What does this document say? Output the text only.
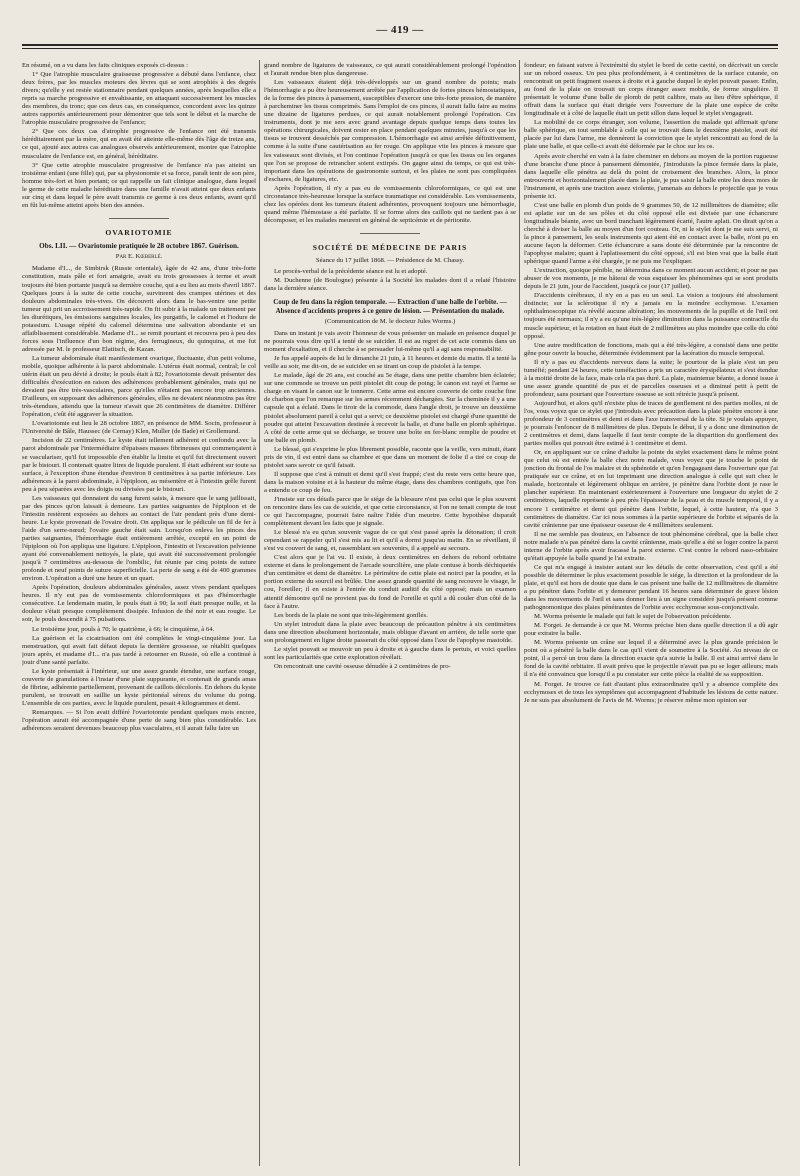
— 419 —

En résumé, on a vu dans les faits cliniques exposés ci-dessus :

1° Que l'atrophie musculaire graisseuse progressive a débuté dans l'enfance, chez deux frères, par les muscles moteurs des lèvres qui se sont atrophiés à des degrés divers; qu'elle y est restée stationnaire pendant quelques années, après lesquelles elle a repris sa marche progressive et envahissante, en attaquant successivement les muscles des membres, du tronc; que ces deux cas, en conséquence, concordent avec les quinze autres rapportés antérieurement pour démontrer que tels sont le début et la marche de l'atrophie musculaire progressive de l'enfance;

2° Que ces deux cas d'atrophie progressive de l'enfance ont été transmis héréditairement par la mère, qui en avait été atteinte elle-même dès l'âge de treize ans, ce qui, ajouté aux autres cas analogues observés antérieurement, montre que l'atrophie musculaire de l'enfance est, en général, héréditaire.

3° Que cette atrophie musculaire progressive de l'enfance n'a pas atteint un troisième enfant (une fille) qui, par sa physionomie et sa force, paraît tenir de son père, homme très-fort et bien portant; ce qui rappelle un fait clinique analogue, dans lequel le germe de cette maladie héréditaire dans une famille n'avait atteint que deux enfants sur cinq et dans lequel le père avait transmis ce germe à ces deux enfants, avant qu'il en fût lui-même atteint après bien des années.

OVARIOTOMIE
Obs. LII. — Ovariotomie pratiquée le 28 octobre 1867. Guérison.
Par E. Kœberlé.

Madame d'I..., de Simbirsk (Russie orientale), âgée de 42 ans, d'une très-forte constitution, mais pâle et fort amaigrie, avait eu trois grossesses à terme et avait toujours été bien portante jusqu'à sa dernière couche, qui a eu lieu au mois d'avril 1867. Quelques jours à la suite de cette couche, survinrent des crampes utérines et des douleurs abdominales très-vives. On découvrit alors dans le bas-ventre une petite tumeur qui prit un accroissement très-rapide. On fit subir à la malade un traitement par les diurétiques, les émissions sanguines locales, les purgatifs, le calomel et l'iodure de potassium. L'usage répété du calomel détermina une salivation abondante et un affaiblissement considérable. Madame d'I... se remit pourtant et recouvra peu à peu des forces sous l'influence d'un bon régime, des ferrugineux, du quinquina, et me fut adressée par M. le professeur Elatitsch, de Kazan.

La tumeur abdominale était manifestement ovarique, fluctuante, d'un petit volume, mobile, quoique adhérente à la paroi abdominale. L'utérus était normal, central; le col utérin était un peu dévié à droite; le pouls était à 82; l'ovariotomie devait présenter des difficultés d'exécution en raison des adhérences probablement générales, mais qui ne devaient pas être très-vasculaires, parce qu'elles n'étaient pas encore trop anciennes. D'ailleurs, en supposant des adhérences générales, elles ne devaient néanmoins pas être très-étendues, attendu que la tumeur n'avait que 26 centimètres de diamètre. Différer l'opération, c'eût été aggraver la situation.

L'ovariotomie eut lieu le 28 octobre 1867, en présence de MM. Socin, professeur à l'Université de Bâle, Haussec (de Cernay) Klen, Muller (de Bade) et Grollemund.

Incision de 22 centimètres. Le kyste était tellement adhérent et confondu avec la paroi abdominale par l'intermédiaire d'épaisses masses fibrineuses qui commençaient à se vasculariser, qu'il fut impossible d'en établir la limite et qu'il fut directement ouvert par le bistouri. Il contenait quatre litres de liquide purulent. Il était adhérent sur toute sa surface, à l'exception d'une étendue d'environ 8 centimètres à sa partie inférieure. Les adhérences à la paroi abdominale, à l'épiploon, au mésentère et à l'intestin grêle furent peu à peu séparées avec les doigts ou divisées par le bistouri.

Les vaisseaux qui donnaient du sang furent saisis, à mesure que le sang jaillissait, par des pinces qu'on laissait à demeure. Les parties saignantes de l'épiploon et de l'intestin restèrent exposées au dehors au contact de l'air pendant près d'une demi-heure. Le kyste provenait de l'ovaire droit. On appliqua sur le pédicule un fil de fer à l'aide d'un serre-nœud; l'ovaire gauche était sain. Lorsqu'on enleva les pinces des parties saignantes, l'hémorrhagie était entièrement arrêtée, excepté en un point de l'épiploon où l'on appliqua une ligature. L'épiploon, l'intestin et l'excavation pelvienne ayant été convenablement nettoyés, la plaie, qui avait été successivement prolongée jusqu'à 7 centimètres au-dessous de l'ombilic, fut réunie par cinq points de suture profonde et neuf points de suture superficielle. La perte de sang a été de 400 grammes environ. L'opération a duré une heure et un quart.

Après l'opération, douleurs abdominales générales, assez vives pendant quelques heures. Il n'y eut pas de vomissements chloroformiques et pas d'hémorrhagie consécutive. Le lendemain matin, le pouls était à 90; la soif était presque nulle, et la douleur s'était presque complètement dissipée. Infusion de thé noir et eau rougie. Le soir, le pouls descendit à 75 pulsations.

Le troisième jour, pouls à 70; le quatrième, à 66; le cinquième, à 64.

La guérison et la cicatrisation ont été complètes le vingt-cinquième jour. La menstruation, qui avait fait défaut depuis la dernière grossesse, se rétablit quelques jours après, et madame d'I... n'a pas tardé à retourner en Russie, où elle a continué à jouir d'une santé parfaite.

Le kyste présentait à l'intérieur, sur une assez grande étendue, une surface rouge, couverte de granulations à l'instar d'une plaie suppurante, et contenait de grands amas de fibrine, adhérente partiellement, provenant de caillots décolorés. En dehors du kyste purulent, se trouvait en saillie un kyste péritonéal séreux du volume du poing. L'ensemble de ces parties, avec le liquide purulent, pesait 4 kilogrammes et demi.

Remarques. — Si l'on avait différé l'ovariotomie pendant quelques mois encore, l'opération aurait été accompagnée d'une perte de sang bien plus considérable. Les adhérences seraient devenues beaucoup plus vasculaires, et il aurait fallu faire un

grand nombre de ligatures de vaisseaux, ce qui aurait considérablement prolongé l'opération et l'aurait rendue bien plus dangereuse.

Les vaisseaux étaient déjà très-développés sur un grand nombre de points; mais l'hémorrhagie a pu être heureusement arrêtée par l'application de fortes pinces hémostatiques, de la forme des pinces à pansement, susceptibles d'exercer une très-forte pression, de manière à parcheminer les tissus comprimés. Sans l'emploi de ces pinces, il aurait fallu faire au moins une dizaine de ligatures perdues, ce qui aurait notablement prolongé l'opération. Ces instruments, dont je me sers avec grand avantage depuis quelque temps dans toutes les opérations chirurgicales, doivent rester en place pendant quelques minutes, jusqu'à ce que les tissus se trouvent desséchés par compression. L'hémorrhagie est ainsi arrêtée définitivement, comme à la suite d'une cautérisation au fer rouge. On applique vite les pinces à mesure que les vaisseaux sont divisés, et l'on continue l'opération jusqu'à ce que les tissus ou les organes que l'on se propose de retrancher soient extirpés. On gagne ainsi du temps, ce qui est très-important dans les opérations de gastronomie surtout, et les plaies ne sont pas compliquées d'eschares, de ligatures, etc.

Après l'opération, il n'y a pas eu de vomissements chloroformiques, ce qui est une circonstance très-heureuse lorsque la surface traumatique est considérable. Les vomissements, chez les opérées dont les tumeurs étaient adhérentes, provoquent toujours une hémorrhagie, quand même l'hémostase a été parfaite. Il se forme alors des caillots qui ne tardent pas à se décomposer, et les malades meurent en général de septicémie et de péritonite.

SOCIÉTÉ DE MÉDECINE DE PARIS
Séance du 17 juillet 1868. — Présidence de M. Chassy.

Le procès-verbal de la précédente séance est lu et adopté.

M. Duchenne (de Boulogne) présente à la Société les malades dont il a relaté l'histoire dans la dernière séance.

Coup de feu dans la région temporale. — Extraction d'une balle de l'orbite. — Absence d'accidents propres à ce genre de lésion. — Présentation du malade.
(Communication de M. le docteur Jules Worms.)

Dans un instant je vais avoir l'honneur de vous présenter un malade en présence duquel je ne pourrais vous dire qu'il a tenté de se suicider. Il est au regret de cet acte commis dans un moment d'exaltation, et il cherche à se persuader lui-même qu'il a agi sans responsabilité.

Je fus appelé auprès de lui le dimanche 21 juin, à 11 heures et demie du matin. Il a tenté la veille au soir, me dit-on, de se suicider en se tirant un coup de pistolet à la tempe.

Le malade, âgé de 26 ans, est couché au 5e étage, dans une petite chambre bien éclairée; sur une commode se trouve un petit pistolet dit coup de poing; le canon est rayé et l'arme se charge en visant le canon sur le tonnerre. Cette arme est encore couverte de cette couche fine de charbon que l'on remarque sur les armes récemment déchargées. Sur la cheminée il y a une capsule qui a éclaté. Dans le tiroir de la commode, dans l'angle droit, je trouve un deuxième pistolet absolument pareil à celui qui a servi; ce deuxième pistolet est chargé d'une quantité de poudre qui atteint l'excavation destinée à recevoir la balle, et d'une balle en plomb sphérique. A côté de cette arme qui se décharge, se trouve une boîte en fer-blanc remplie de poudre et une balle en plomb.

Le blessé, qui s'exprime le plus librement possible, raconte que la veille, vers minuit, étant pris de vin, il est entré dans sa chambre et que dans un moment de folie il a tiré ce coup de pistolet sans savoir ce qu'il faisait.

Il suppose que c'est à minuit et demi qu'il s'est frappé; c'est du reste vers cette heure que, dans la maison voisine et à la hauteur du même étage, dans des chambres contiguës, que l'on a entendu ce coup de feu.

J'insiste sur ces détails parce que le siége de la blessure n'est pas celui que le plus souvent on rencontre dans les cas de suicide, et que cette circonstance, si l'on ne tenait compte de tout ce qui l'accompagne, pourrait faire naître l'idée d'un meurtre. Cette hypothèse disparaît complètement devant les faits que je signale.

Le blessé n'a eu qu'un souvenir vague de ce qui s'est passé après la détonation; il croit cependant se rappeler qu'il s'est mis au lit et qu'il a dormi jusqu'au matin. En se réveillant, il s'est vu couvert de sang, et, rassemblant ses souvenirs, il a appelé au secours.

C'est alors que je l'ai vu. Il existe, à deux centimètres en dehors du rebord orbitaire externe et dans le prolongement de l'arcade sourcilière, une plaie contuse à bords déchiquetés d'un centimètre et demi de diamètre. Le périmètre de cette plaie est noirci par la poudre, et la portion externe du sourcil est brûlée. Une assez grande quantité de sang recouvre le visage, le cou, l'oreiller; il en existe à l'entrée du conduit auditif du côté opposé; mais un examen attentif démontre qu'il ne provient pas du fond de l'oreille et qu'il a dû couler d'un côté de la face à l'autre.

Les bords de la plaie ne sont que très-légèrement gonflés.

Un stylet introduit dans la plaie avec beaucoup de précaution pénètre à six centimètres dans une direction absolument horizontale, mais oblique d'avant en arrière, de telle sorte que son prolongement en ligne droite passerait du côté opposé dans l'axe de l'apophyse mastoïde.

Le stylet pouvait se mouvoir un peu à droite et à gauche dans le pertuis, et voici quelles sont les particularités que cette exploration révélait.

On rencontrait une cavité osseuse dénudée à 2 centimètres de pro-

fondeur; en faisant suivre à l'extrémité du stylet le bord de cette cavité, on décrivait un cercle sur un rebord osseux. Un peu plus profondément, à 4 centimètres de la surface cutanée, on rencontrait un petit fragment osseux à droite et à gauche duquel le stylet pouvait passer. Enfin, au fond de la plaie on trouvait un corps étranger assez mobile, de forme singulière. Il présentait le volume d'une balle de plomb de petit calibre, mais au lieu d'être sphérique, il offrait dans la surface qui était dirigée vers l'ouverture de la plaie une espèce de crête longitudinale et à côté de laquelle était un petit sillon dans lequel le stylet s'engageait.

La mobilité de ce corps étranger, son volume, l'assertion du malade qui affirmait qu'une balle sphérique, en tout semblable à celle qui se trouvait dans le deuxième pistolet, avait été placée par lui dans l'arme, me donnèrent la conviction que le stylet rencontrait au fond de la plaie une balle, et que celle-ci avait été déformée par le choc sur les os.

Après avoir cherché en vain à la faire cheminer en dehors au moyen de la portion rugueuse d'une branche d'une pince à pansement démontée, j'introduisis la pince fermée dans la plaie, dans laquelle elle pénétra au delà du point de croisement des branches. Alors, la pince entrouverte et horizontalement placée dans la plaie, je pus saisir la balle entre les deux mors de l'instrument, et après une traction assez violente, j'amenais au dehors le projectile que je vous présente ici.

C'est une balle en plomb d'un poids de 9 grammes 50, de 12 millimètres de diamètre; elle est aplatie sur un de ses pôles et du côté opposé elle est divisée par une échancrure longitudinale béante, avec un bord tranchant légèrement écarté, l'autre aplati. On dirait qu'on a cherché à diviser la balle au moyen d'un fort couteau. Or, ni le stylet dont je me suis servi, ni la pince à pansement, les seuls instruments qui aient été en contact avec la balle, n'ont pu en aucune façon la déformer. Cette échancrure a sans doute été déterminée par la rencontre de l'apophyse malaire; quant à l'aplatissement du côté opposé, s'il est bien vrai que la balle était sphérique quand l'arme a été chargée, je ne puis me l'expliquer.

L'extraction, quoique pénible, ne détermina dans ce moment aucun accident; et pour ne pas abuser de vos moments, je me hâterai de vous esquisser les phénomènes qui se sont produits depuis le 21 juin, jour de l'accident, jusqu'à ce jour (17 juillet).

D'accidents cérébraux, il n'y en a pas eu un seul. La vision a toujours été absolument distincte; sur la sclérotique il n'y a jamais eu la moindre ecchymose. L'examen ophthalmoscopique n'a révélé aucune altération; les mouvements de la pupille et de l'œil ont toujours été normaux; il n'y a eu qu'une très-légère diminution dans la puissance contractile du muscle supérieur, et la rotation en haut était de 2 millimètres au plus moindre que celle du côté opposé.

Une autre modification de fonctions, mais qui a été très-légère, a consisté dans une petite gêne pour ouvrir la bouche, déterminée évidemment par la lacération du muscle temporal.

Il n'y a pas eu d'accidents nerveux dans la suite; le pourtour de la plaie s'est un peu tuméfié; pendant 24 heures, cette tuméfaction a pris un caractère érysipélateux et s'est étendue à la moitié droite de la face, mais cela n'a pas duré. La plaie, maintenue béante, a donné issue à une assez grande quantité de pus et de parcelles osseuses et a diminué petit à petit de profondeur, sans pourtant que l'ouverture osseuse se soit rétrécie jusqu'à présent.

Aujourd'hui, et alors qu'il n'existe plus de traces de gonflement ni des parties molles, ni de l'os, vous voyez que ce stylet que j'introduis avec précaution dans la plaie pénètre encore à une profondeur de 3 centimètres et demi et dans l'axe transversal de la tête. Si je voulais appuyer, je pourrais l'enfoncer de 8 millimètres de plus. Depuis le début, il y a donc une diminution de 2 centimètres et demi, dans laquelle il faut tenir compte de la disparition du gonflement des parties molles qui pouvait être estimé à 1 centimètre et demi.

Or, en appliquant sur ce crâne d'adulte la pointe du stylet exactement dans le même point que celui où est entrée la balle chez notre malade, vous voyez que je touche le point de jonction du frontal de l'os malaire et du sphénoïde et qu'en l'engageant dans l'ouverture que j'ai pratiquée sur ce crâne, et en lui imprimant une direction analogue à celle qui suit chez le malade, horizontale et légèrement oblique en arrière, je pénètre dans l'orbite dont je rase le plancher supérieur. En maintenant extérieurement à l'ouverture une longueur du stylet de 2 centimètres, laquelle représente à peu près l'épaisseur de la peau et du muscle temporal, il y a encore 1 centimètre et demi qui pénètre dans l'orbite, lequel, à cette hauteur, n'a que 3 centimètres de diamètre. Car ici nous sommes à la partie supérieure de l'orbite et séparés de la cavité crânienne par une épaisseur osseuse de 4 millimètres seulement.

Il ne me semble pas douteux, en l'absence de tout phénomène cérébral, que la balle chez notre malade n'a pas pénétré dans la cavité crânienne, mais qu'elle a été se loger contre la paroi interne de l'orbite après avoir fracassé la paroi externe. C'est contre le rebord naso-orbitaire qu'était appuyée la balle quand je l'ai extraite.

Ce qui m'a engagé à insister autant sur les détails de cette observation, c'est qu'il a été possible de déterminer le plus exactement possible le siége, la direction et la profondeur de la plaie, et qu'il est hors de doute que dans le cas présent une balle de 12 millimètres de diamètre a pu pénétrer dans l'orbite et y demeurer pendant 16 heures sans déterminer de grave lésion dans les mouvements de l'œil et sans donner lieu à un signe considéré jusqu'à présent comme pathognomonique des plaies pénétrantes de l'orbite avec ecchymose sous-conjonctivale.

M. Worms présente le malade qui fait le sujet de l'observation précédente.

M. Forget. Je demande à ce que M. Worms précise bien dans quelle direction il a dû agir pour extraire la balle.

M. Worms présente un crâne sur lequel il a déterminé avec la plus grande précision le point où a pénétré la balle dans le cas qu'il vient de soumettre à la Société. Au niveau de ce point, il a percé un trou dans la direction exacte qu'a suivie la balle. Il est ainsi arrivé dans le fond de la cavité orbitaire. Il avait prévu que le projectile n'avait pas pu se loger ailleurs; mais il n'a été convaincu que lorsqu'il a pu constater sur cette pièce la réalité de sa supposition.

M. Forget. Je trouve ce fait d'autant plus extraordinaire qu'il y a absence complète des ecchymoses et de tous les symptômes qui accompagnent d'habitude les lésions de cette nature. Je ne suis pas absolument de l'avis de M. Worms; je réserve même mon opinion sur
